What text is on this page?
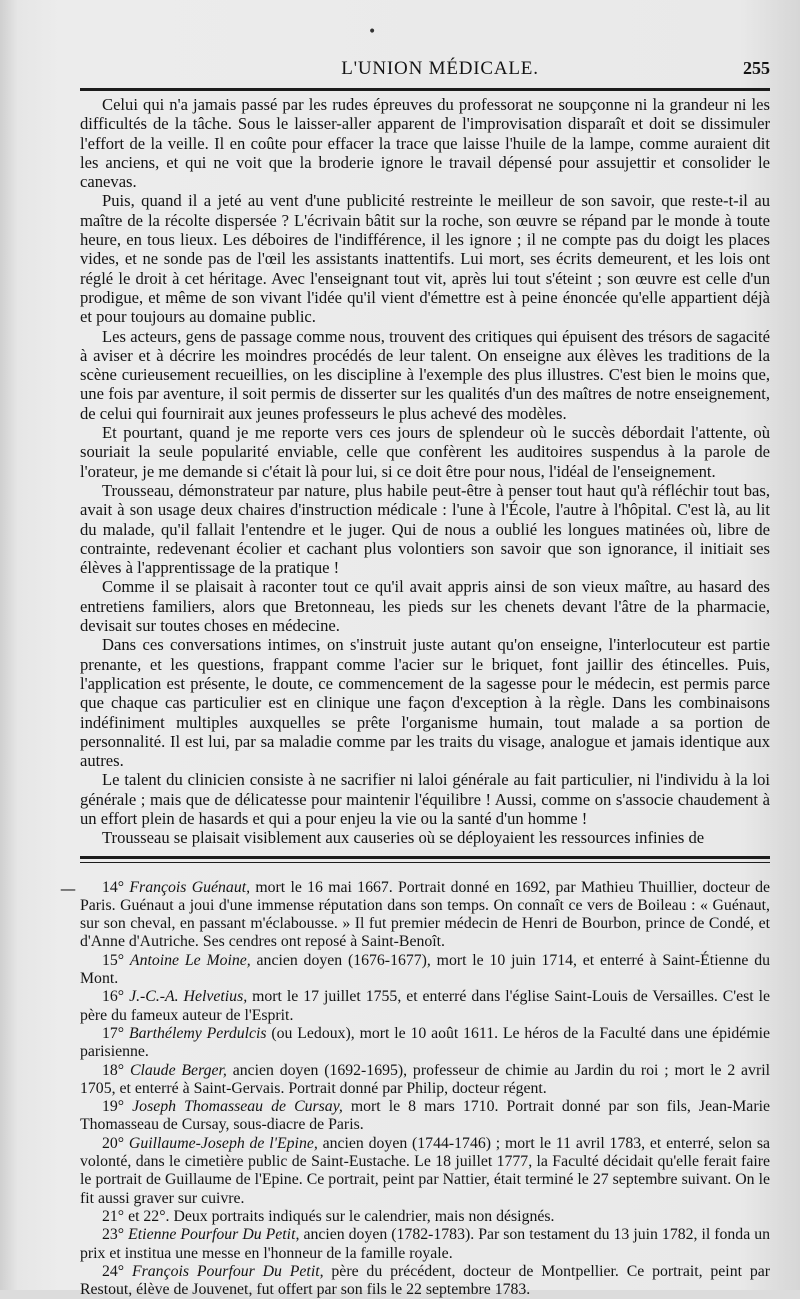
•
L'UNION MÉDICALE.	255

Celui qui n'a jamais passé par les rudes épreuves du professorat ne soupçonne ni la grandeur ni les difficultés de la tâche. Sous le laisser-aller apparent de l'improvisation disparaît et doit se dissimuler l'effort de la veille. Il en coûte pour effacer la trace que laisse l'huile de la lampe, comme auraient dit les anciens, et qui ne voit que la broderie ignore le travail dépensé pour assujettir et consolider le canevas.

Puis, quand il a jeté au vent d'une publicité restreinte le meilleur de son savoir, que reste-t-il au maître de la récolte dispersée ? L'écrivain bâtit sur la roche, son œuvre se répand par le monde à toute heure, en tous lieux. Les déboires de l'indifférence, il les ignore ; il ne compte pas du doigt les places vides, et ne sonde pas de l'œil les assistants inattentifs. Lui mort, ses écrits demeurent, et les lois ont réglé le droit à cet héritage. Avec l'enseignant tout vit, après lui tout s'éteint ; son œuvre est celle d'un prodigue, et même de son vivant l'idée qu'il vient d'émettre est à peine énoncée qu'elle appartient déjà et pour toujours au domaine public.

Les acteurs, gens de passage comme nous, trouvent des critiques qui épuisent des trésors de sagacité à aviser et à décrire les moindres procédés de leur talent. On enseigne aux élèves les traditions de la scène curieusement recueillies, on les discipline à l'exemple des plus illustres. C'est bien le moins que, une fois par aventure, il soit permis de disserter sur les qualités d'un des maîtres de notre enseignement, de celui qui fournirait aux jeunes professeurs le plus achevé des modèles.

Et pourtant, quand je me reporte vers ces jours de splendeur où le succès débordait l'attente, où souriait la seule popularité enviable, celle que confèrent les auditoires suspendus à la parole de l'orateur, je me demande si c'était là pour lui, si ce doit être pour nous, l'idéal de l'enseignement.

Trousseau, démonstrateur par nature, plus habile peut-être à penser tout haut qu'à réfléchir tout bas, avait à son usage deux chaires d'instruction médicale : l'une à l'École, l'autre à l'hôpital. C'est là, au lit du malade, qu'il fallait l'entendre et le juger. Qui de nous a oublié les longues matinées où, libre de contrainte, redevenant écolier et cachant plus volontiers son savoir que son ignorance, il initiait ses élèves à l'apprentissage de la pratique !

Comme il se plaisait à raconter tout ce qu'il avait appris ainsi de son vieux maître, au hasard des entretiens familiers, alors que Bretonneau, les pieds sur les chenets devant l'âtre de la pharmacie, devisait sur toutes choses en médecine.

Dans ces conversations intimes, on s'instruit juste autant qu'on enseigne, l'interlocuteur est partie prenante, et les questions, frappant comme l'acier sur le briquet, font jaillir des étincelles. Puis, l'application est présente, le doute, ce commencement de la sagesse pour le médecin, est permis parce que chaque cas particulier est en clinique une façon d'exception à la règle. Dans les combinaisons indéfiniment multiples auxquelles se prête l'organisme humain, tout malade a sa portion de personnalité. Il est lui, par sa maladie comme par les traits du visage, analogue et jamais identique aux autres.

Le talent du clinicien consiste à ne sacrifier ni laloi générale au fait particulier, ni l'individu à la loi générale ; mais que de délicatesse pour maintenir l'équilibre ! Aussi, comme on s'associe chaudement à un effort plein de hasards et qui a pour enjeu la vie ou la santé d'un homme !

Trousseau se plaisait visiblement aux causeries où se déployaient les ressources infinies de

—	14° François Guénaut, mort le 16 mai 1667. Portrait donné en 1692, par Mathieu Thuillier, docteur de Paris. Guénaut a joui d'une immense réputation dans son temps. On connaît ce vers de Boileau : « Guénaut, sur son cheval, en passant m'éclabousse. » Il fut premier médecin de Henri de Bourbon, prince de Condé, et d'Anne d'Autriche. Ses cendres ont reposé à Saint-Benoît.

15° Antoine Le Moine, ancien doyen (1676-1677), mort le 10 juin 1714, et enterré à Saint-Étienne du Mont.

16° J.-C.-A. Helvetius, mort le 17 juillet 1755, et enterré dans l'église Saint-Louis de Versailles. C'est le père du fameux auteur de l'Esprit.

17° Barthélemy Perdulcis (ou Ledoux), mort le 10 août 1611. Le héros de la Faculté dans une épidémie parisienne.

18° Claude Berger, ancien doyen (1692-1695), professeur de chimie au Jardin du roi ; mort le 2 avril 1705, et enterré à Saint-Gervais. Portrait donné par Philip, docteur régent.

19° Joseph Thomasseau de Cursay, mort le 8 mars 1710. Portrait donné par son fils, Jean-Marie Thomasseau de Cursay, sous-diacre de Paris.

20° Guillaume-Joseph de l'Epine, ancien doyen (1744-1746) ; mort le 11 avril 1783, et enterré, selon sa volonté, dans le cimetière public de Saint-Eustache. Le 18 juillet 1777, la Faculté décidait qu'elle ferait faire le portrait de Guillaume de l'Epine. Ce portrait, peint par Nattier, était terminé le 27 septembre suivant. On le fit aussi graver sur cuivre.

21° et 22°. Deux portraits indiqués sur le calendrier, mais non désignés.

23° Etienne Pourfour Du Petit, ancien doyen (1782-1783). Par son testament du 13 juin 1782, il fonda un prix et institua une messe en l'honneur de la famille royale.

24° François Pourfour Du Petit, père du précédent, docteur de Montpellier. Ce portrait, peint par Restout, élève de Jouvenet, fut offert par son fils le 22 septembre 1783.
